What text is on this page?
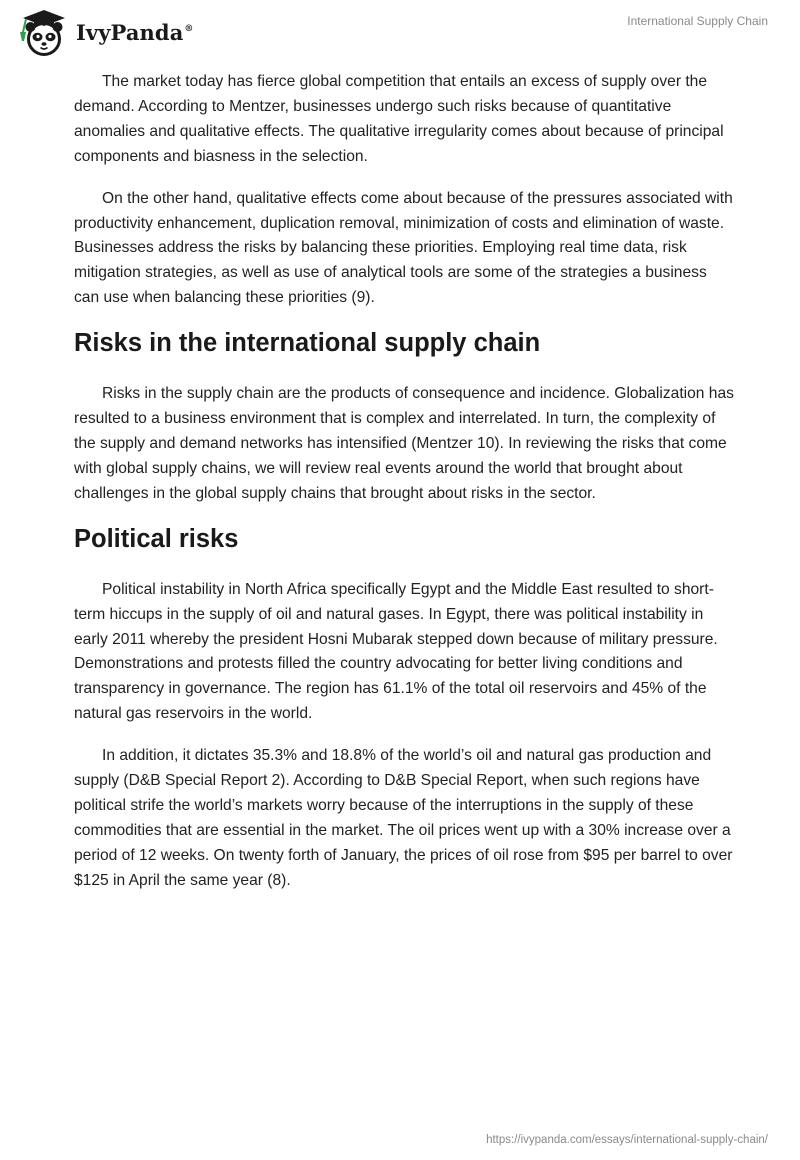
IvyPanda®
International Supply Chain

The market today has fierce global competition that entails an excess of supply over the demand. According to Mentzer, businesses undergo such risks because of quantitative anomalies and qualitative effects. The qualitative irregularity comes about because of principal components and biasness in the selection.

On the other hand, qualitative effects come about because of the pressures associated with productivity enhancement, duplication removal, minimization of costs and elimination of waste. Businesses address the risks by balancing these priorities. Employing real time data, risk mitigation strategies, as well as use of analytical tools are some of the strategies a business can use when balancing these priorities (9).

Risks in the international supply chain

Risks in the supply chain are the products of consequence and incidence. Globalization has resulted to a business environment that is complex and interrelated. In turn, the complexity of the supply and demand networks has intensified (Mentzer 10). In reviewing the risks that come with global supply chains, we will review real events around the world that brought about challenges in the global supply chains that brought about risks in the sector.

Political risks

Political instability in North Africa specifically Egypt and the Middle East resulted to short-term hiccups in the supply of oil and natural gases. In Egypt, there was political instability in early 2011 whereby the president Hosni Mubarak stepped down because of military pressure. Demonstrations and protests filled the country advocating for better living conditions and transparency in governance. The region has 61.1% of the total oil reservoirs and 45% of the natural gas reservoirs in the world.

In addition, it dictates 35.3% and 18.8% of the world’s oil and natural gas production and supply (D&B Special Report 2). According to D&B Special Report, when such regions have political strife the world’s markets worry because of the interruptions in the supply of these commodities that are essential in the market. The oil prices went up with a 30% increase over a period of 12 weeks. On twenty forth of January, the prices of oil rose from $95 per barrel to over $125 in April the same year (8).

https://ivypanda.com/essays/international-supply-chain/
